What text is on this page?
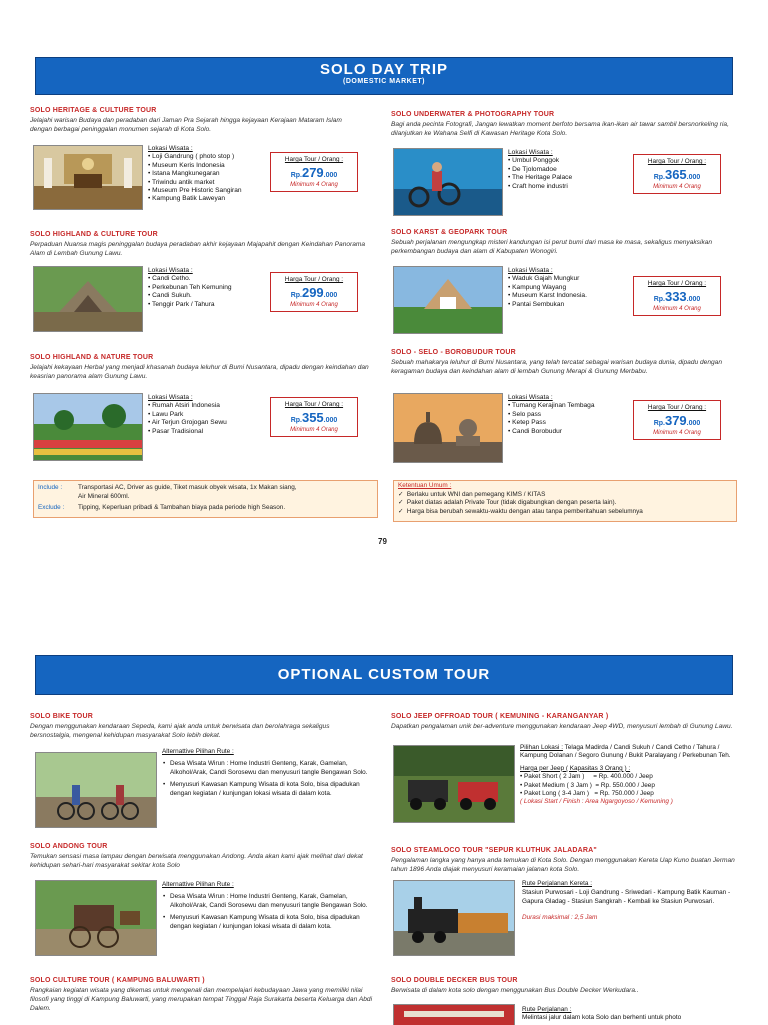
SOLO DAY TRIP
(DOMESTIC MARKET)
SOLO HERITAGE & CULTURE TOUR
Jelajahi warisan Budaya dan peradaban dari Jaman Pra Sejarah hingga kejayaan Kerajaan Mataram Islam dengan berbagai peninggalan monumen sejarah di Kota Solo.
Lokasi Wisata :
• Loji Gandrung ( photo stop )
• Museum Keris Indonesia
• Istana Mangkunegaran
• Triwindu antik market
• Museum Pre Historic Sangiran
• Kampung Batik Laweyan
Harga Tour / Orang :
Rp.279.000
Minimum 4 Orang
SOLO UNDERWATER & PHOTOGRAPHY TOUR
Bagi anda pecinta Fotografi, Jangan lewatkan moment berfoto bersama ikan-ikan air tawar sambil bersnorkeling ria, dilanjutkan ke Wahana Selfi di Kawasan Heritage Kota Solo.
Lokasi Wisata :
• Umbul Ponggok
• De Tjolomadoe
• The Heritage Palace
• Craft home industri
Harga Tour / Orang :
Rp.365.000
Minimum 4 Orang
SOLO HIGHLAND & CULTURE TOUR
Perpaduan Nuansa magis peninggalan budaya peradaban akhir kejayaan Majapahit dengan Keindahan Panorama Alam di Lembah Gunung Lawu.
Lokasi Wisata :
• Candi Cetho.
• Perkebunan Teh Kemuning
• Candi Sukuh.
• Tenggir Park / Tahura
Harga Tour / Orang :
Rp.299.000
Minimum 4 Orang
SOLO KARST & GEOPARK TOUR
Sebuah perjalanan mengungkap misteri kandungan isi perut bumi dari masa ke masa, sekaligus menyaksikan perkembangan budaya dan alam di Kabupaten Wonogiri.
Lokasi Wisata :
• Waduk Gajah Mungkur
• Kampung Wayang
• Museum Karst Indonesia.
• Pantai Sembukan
Harga Tour / Orang :
Rp.333.000
Minimum 4 Orang
SOLO HIGHLAND & NATURE TOUR
Jelajahi kekayaan Herbal yang menjadi khasanah budaya leluhur di Bumi Nusantara, dipadu dengan keindahan dan keasrian panorama alam Gunung Lawu.
Lokasi Wisata :
• Rumah Atsiri Indonesia
• Lawu Park
• Air Terjun Grojogan Sewu
• Pasar Tradisional
Harga Tour / Orang :
Rp.355.000
Minimum 4 Orang
SOLO - SELO - BOROBUDUR TOUR
Sebuah mahakarya leluhur di Bumi Nusantara, yang telah tercatat sebagai warisan budaya dunia, dipadu dengan keragaman budaya dan keindahan alam di lembah Gunung Merapi & Gunung Merbabu.
Lokasi Wisata :
• Tumang Kerajinan Tembaga
• Selo pass
• Ketep Pass
• Candi Borobudur
Harga Tour / Orang :
Rp.379.000
Minimum 4 Orang
Include :	Transportasi AC, Driver as guide, Tiket masuk obyek wisata, 1x Makan siang, Air Mineral 600ml.
Exclude :	Tipping, Keperluan pribadi & Tambahan biaya pada periode high Season.
Ketentuan Umum :
✓ Berlaku untuk WNI dan pemegang KIMS / KITAS
✓ Paket diatas adalah Private Tour (tidak digabungkan dengan peserta lain).
✓ Harga bisa berubah sewaktu-waktu dengan atau tanpa pemberitahuan sebelumnya
79
OPTIONAL CUSTOM TOUR
SOLO BIKE TOUR
Dengan menggunakan kendaraan Sepeda, kami ajak anda untuk berwisata dan berolahraga sekaligus bersnostalgia, mengenal kehidupan masyarakat Solo lebih dekat.
Alternattive Pilihan Rute :
• Desa Wisata Wirun : Home Industri Genteng, Karak, Gamelan, Alkohol/Arak, Candi Sorosewu dan menyusuri tangle Bengawan Solo.
• Menyusuri Kawasan Kampung Wisata di kota Solo, bisa dipadukan dengan kegiatan / kunjungan lokasi wisata di dalam kota.
SOLO JEEP OFFROAD TOUR ( KEMUNING - KARANGANYAR )
Dapatkan pengalaman unik ber-adventure menggunakan kendaraan Jeep 4WD, menyusuri lembah di Gunung Lawu.
Pilihan Lokasi : Telaga Madirda / Candi Sukuh / Candi Cetho / Tahura / Kampung Dolanan / Segoro Gunung / Bukit Paralayang / Perkebunan Teh.
Harga per Jeep ( Kapasitas 3 Orang ) :
• Paket Short ( 2 Jam )     = Rp. 400.000 / Jeep
• Paket Medium ( 3 Jam )  = Rp. 550.000 / Jeep
• Paket Long ( 3-4 Jam )   = Rp. 750.000 / Jeep
( Lokasi Start / Finish : Area Ngargoyoso / Kemuning )
SOLO ANDONG TOUR
Temukan sensasi masa lampau dengan berwisata menggunakan Andong. Anda akan kami ajak melihat dari dekat kehidupan sehari-hari masyarakat sekitar kota Solo
Alternattive Pilihan Rute :
• Desa Wisata Wirun : Home Industri Genteng, Karak, Gamelan, Alkohol/Arak, Candi Sorosewu dan menyusuri tangle Bengawan Solo.
• Menyusuri Kawasan Kampung Wisata di kota Solo, bisa dipadukan dengan kegiatan / kunjungan lokasi wisata di dalam kota.
SOLO STEAMLOCO TOUR "SEPUR KLUTHUK JALADARA"
Pengalaman langka yang hanya anda temukan di Kota Solo. Dengan menggunakan Kereta Uap Kuno buatan Jerman tahun 1896 Anda diajak menyusuri keramaian jalanan kota Solo.
Rute Perjalanan Kereta :
Stasiun Purwosari - Loji Gandrung - Sriwedari - Kampung Batik Kauman - Gapura Gladag - Stasiun Sangkrah - Kembali ke Stasiun Purwosari.
Durasi maksimal : 2,5 Jam
SOLO CULTURE TOUR ( KAMPUNG BALUWARTI )
Rangkaian kegiatan wisata yang dikemas untuk mengenali dan mempelajari kebudayaan Jawa yang memiliki nilai filosofi yang tinggi di Kampung Baluwarti, yang merupakan tempat Tinggal Raja Surakarta beserta Keluarga dan Abdi Dalem.
SOLO DOUBLE DECKER BUS TOUR
Berwisata di dalam kota solo dengan menggunakan Bus Double Decker Werkudara..
Rute Perjalanan :
Melintasi jalur dalam kota Solo dan berhenti untuk photo
